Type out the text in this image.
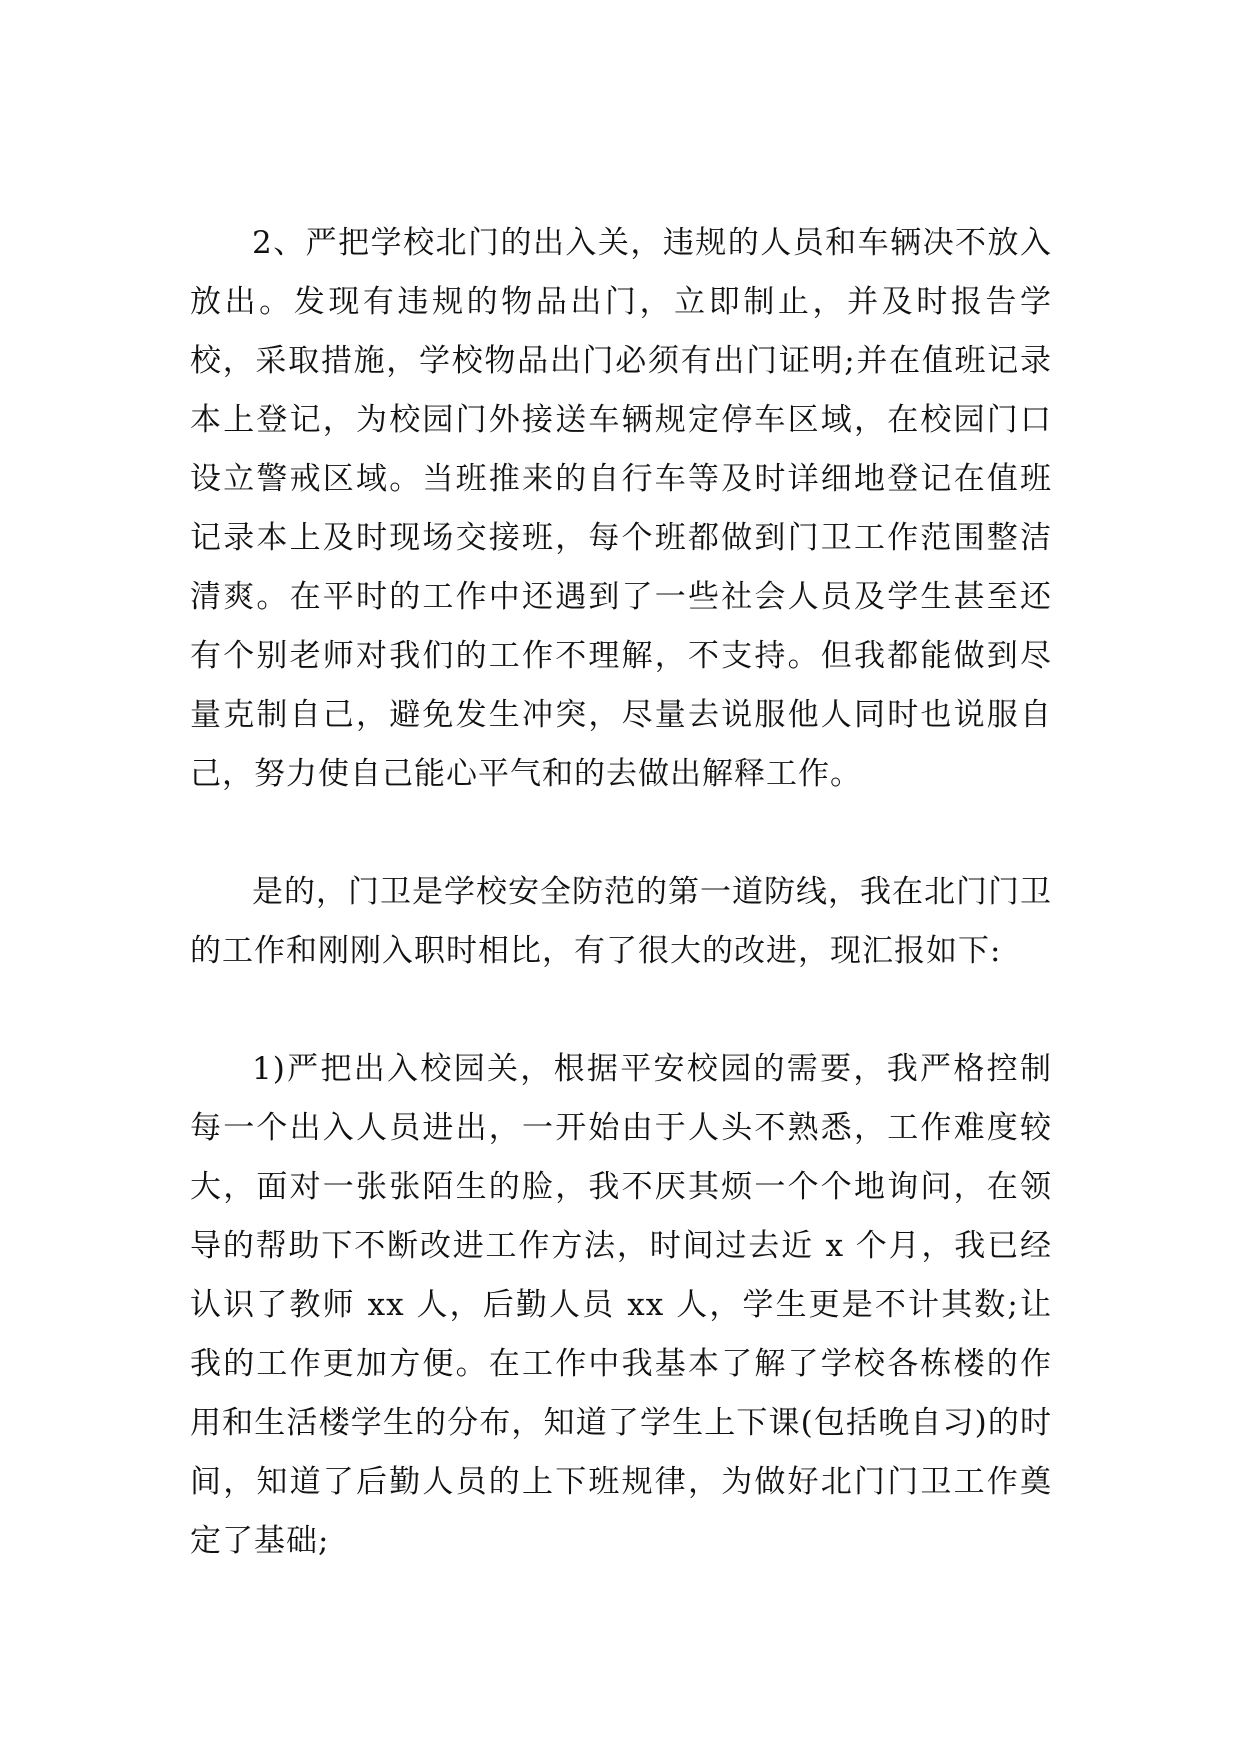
2、严把学校北门的出入关，违规的人员和车辆决不放入放出。发现有违规的物品出门，立即制止，并及时报告学校，采取措施，学校物品出门必须有出门证明;并在值班记录本上登记，为校园门外接送车辆规定停车区域，在校园门口设立警戒区域。当班推来的自行车等及时详细地登记在值班记录本上及时现场交接班，每个班都做到门卫工作范围整洁清爽。在平时的工作中还遇到了一些社会人员及学生甚至还有个别老师对我们的工作不理解，不支持。但我都能做到尽量克制自己，避免发生冲突，尽量去说服他人同时也说服自己，努力使自己能心平气和的去做出解释工作。

是的，门卫是学校安全防范的第一道防线，我在北门门卫的工作和刚刚入职时相比，有了很大的改进，现汇报如下:

1)严把出入校园关，根据平安校园的需要，我严格控制每一个出入人员进出，一开始由于人头不熟悉，工作难度较大，面对一张张陌生的脸，我不厌其烦一个个地询问，在领导的帮助下不断改进工作方法，时间过去近 x 个月，我已经认识了教师 xx 人，后勤人员 xx 人，学生更是不计其数;让我的工作更加方便。在工作中我基本了解了学校各栋楼的作用和生活楼学生的分布，知道了学生上下课(包括晚自习)的时间，知道了后勤人员的上下班规律，为做好北门门卫工作奠定了基础;
